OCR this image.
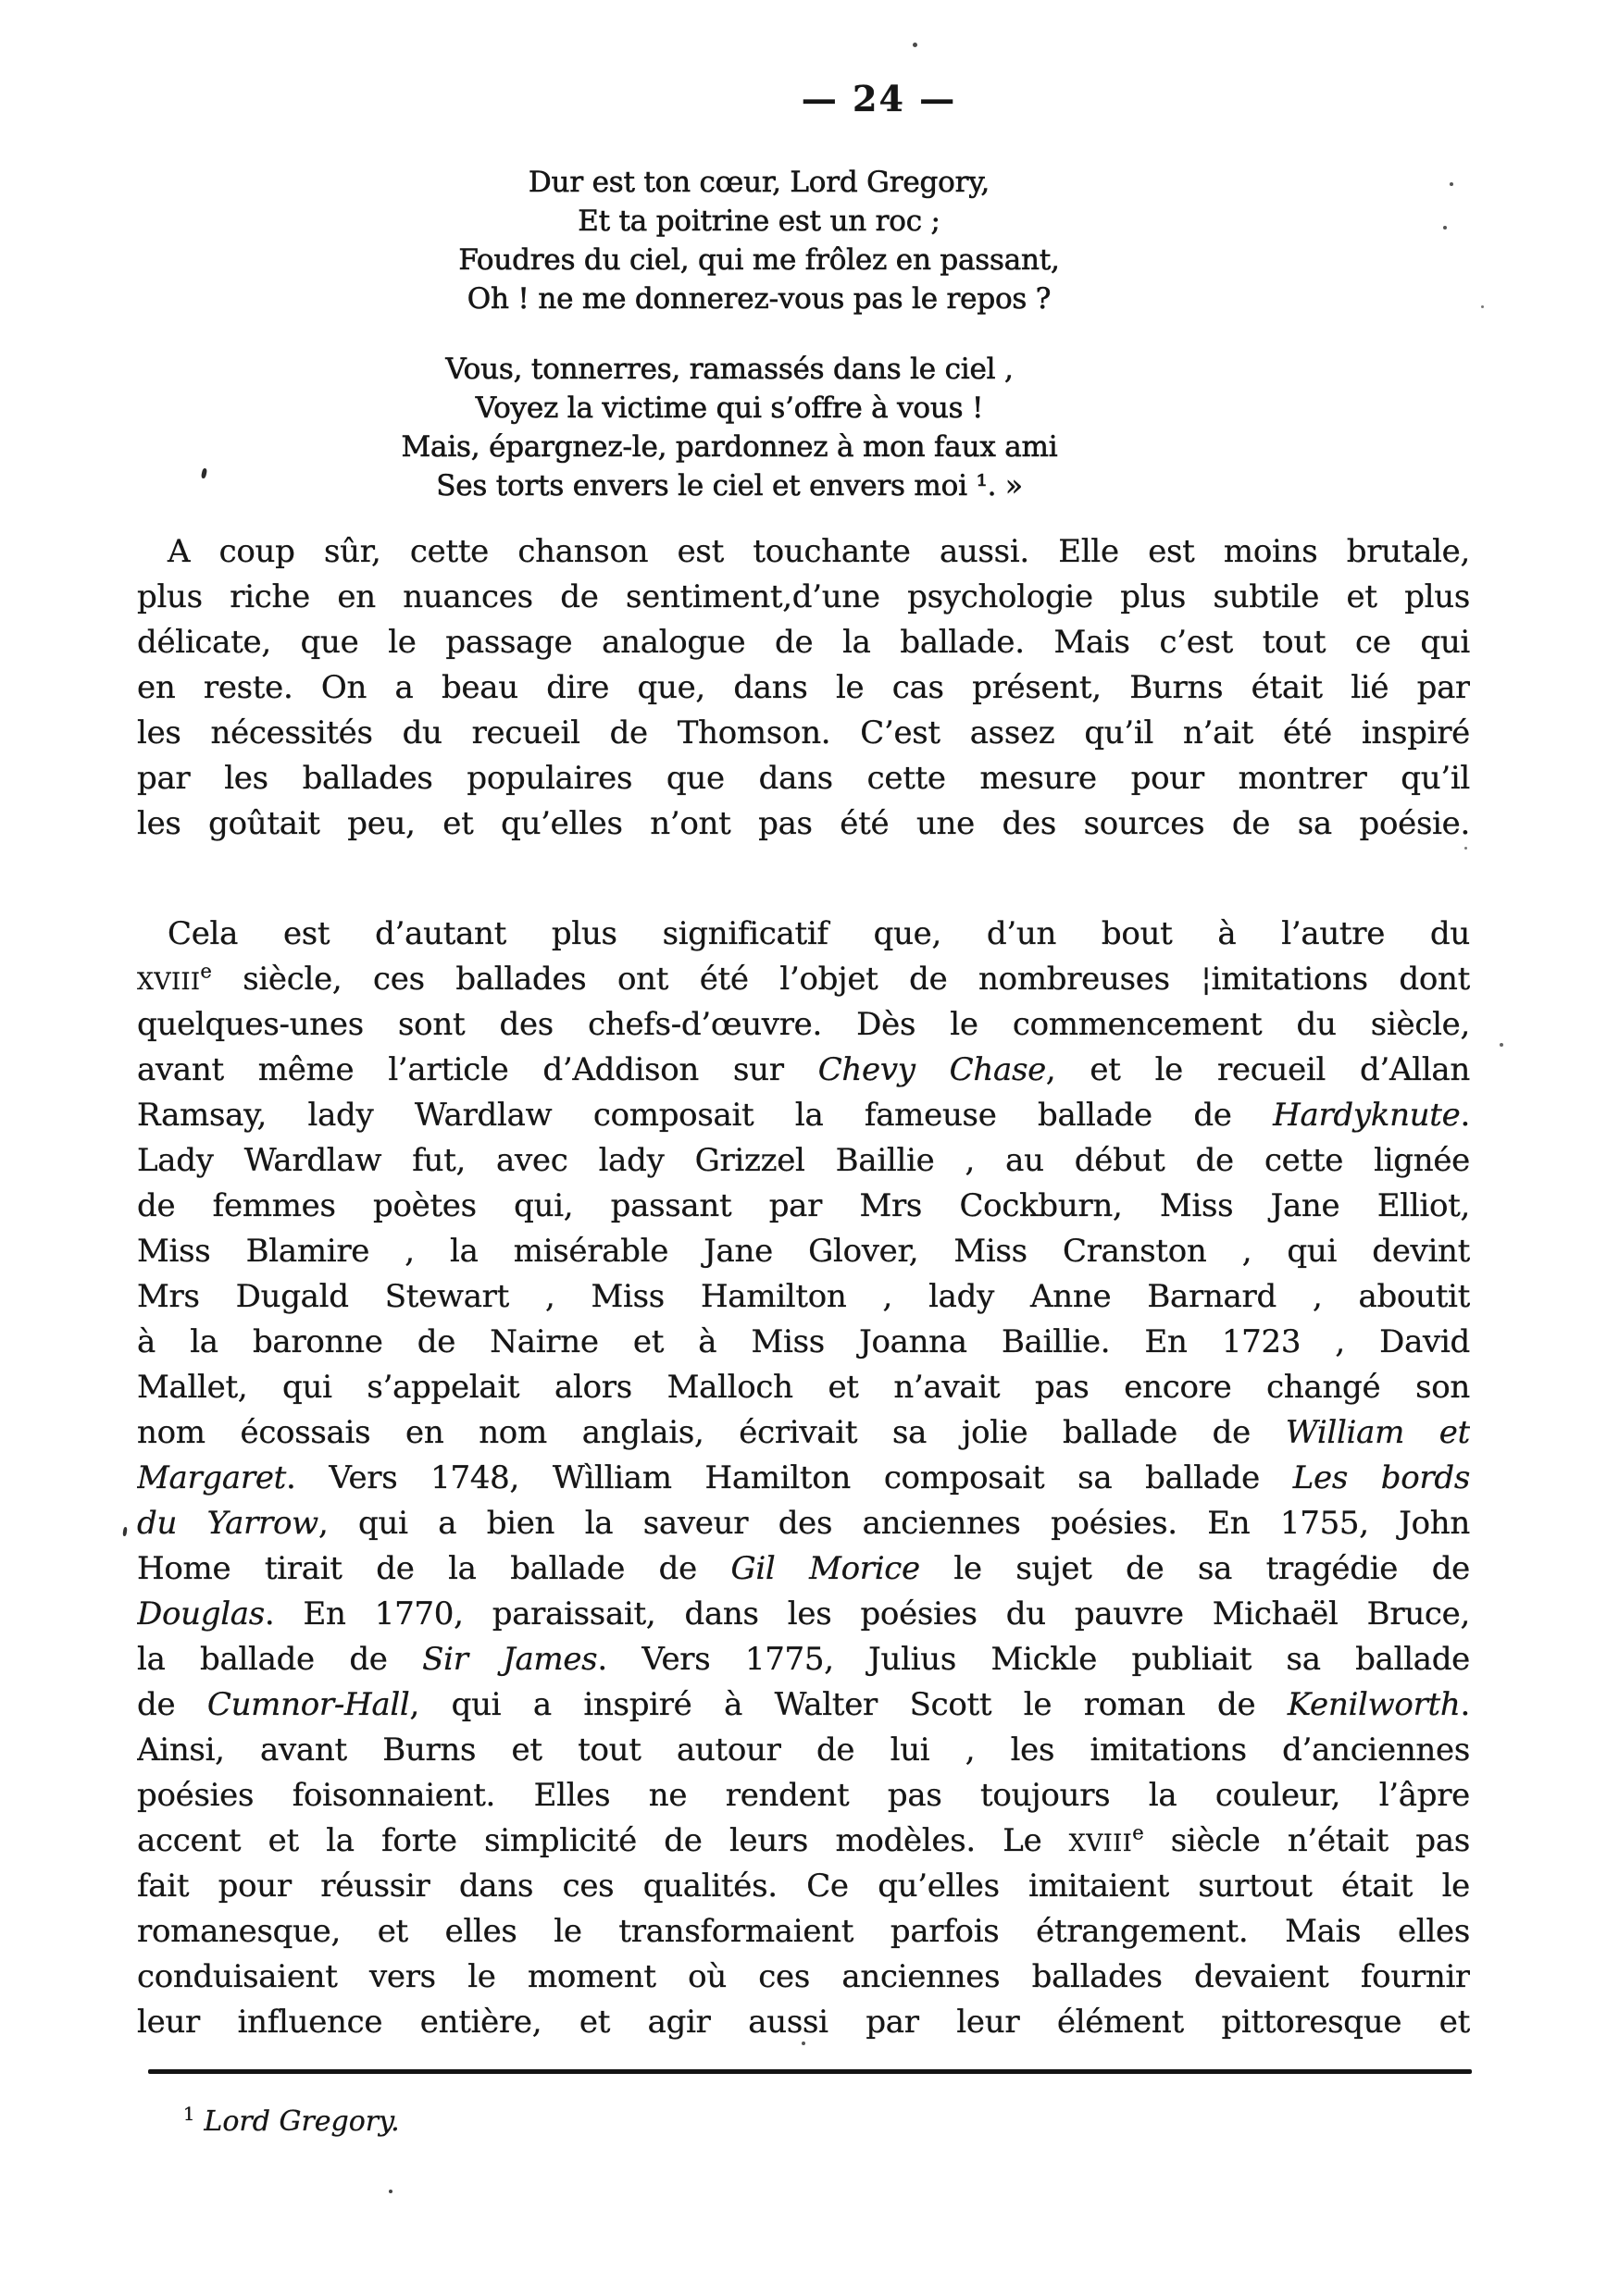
— 24 —
Dur est ton cœur, Lord Gregory,
Et ta poitrine est un roc ;
Foudres du ciel, qui me frôlez en passant,
Oh ! ne me donnerez-vous pas le repos ?
Vous, tonnerres, ramassés dans le ciel ,
Voyez la victime qui s’offre à vous !
Mais, épargnez-le, pardonnez à mon faux ami
Ses torts envers le ciel et envers moi ¹. »
A coup sûr, cette chanson est touchante aussi. Elle est moins brutale,
plus riche en nuances de sentiment,d’une psychologie plus subtile et plus
délicate, que le passage analogue de la ballade. Mais c’est tout ce qui
en reste. On a beau dire que, dans le cas présent, Burns était lié par
les nécessités du recueil de Thomson. C’est assez qu’il n’ait été inspiré
par les ballades populaires que dans cette mesure pour montrer qu’il
les goûtait peu, et qu’elles n’ont pas été une des sources de sa poésie.
Cela est d’autant plus significatif que, d’un bout à l’autre du
XVIIIe siècle, ces ballades ont été l’objet de nombreuses ¦imitations dont
quelques-unes sont des chefs-d’œuvre. Dès le commencement du siècle,
avant même l’article d’Addison sur Chevy Chase, et le recueil d’Allan
Ramsay, lady Wardlaw composait la fameuse ballade de Hardyknute.
Lady Wardlaw fut, avec lady Grizzel Baillie , au début de cette lignée
de femmes poètes qui, passant par Mrs Cockburn, Miss Jane Elliot,
Miss Blamire , la misérable Jane Glover, Miss Cranston , qui devint
Mrs Dugald Stewart , Miss Hamilton , lady Anne Barnard , aboutit
à la baronne de Nairne et à Miss Joanna Baillie. En 1723 , David
Mallet, qui s’appelait alors Malloch et n’avait pas encore changé son
nom écossais en nom anglais, écrivait sa jolie ballade de William et
Margaret. Vers 1748, Wìlliam Hamilton composait sa ballade Les bords
du Yarrow, qui a bien la saveur des anciennes poésies. En 1755, John
Home tirait de la ballade de Gil Morice le sujet de sa tragédie de
Douglas. En 1770, paraissait, dans les poésies du pauvre Michaël Bruce,
la ballade de Sir James. Vers 1775, Julius Mickle publiait sa ballade
de Cumnor-Hall, qui a inspiré à Walter Scott le roman de Kenilworth.
Ainsi, avant Burns et tout autour de lui , les imitations d’anciennes
poésies foisonnaient. Elles ne rendent pas toujours la couleur, l’âpre
accent et la forte simplicité de leurs modèles. Le XVIIIe siècle n’était pas
fait pour réussir dans ces qualités. Ce qu’elles imitaient surtout était le
romanesque, et elles le transformaient parfois étrangement. Mais elles
conduisaient vers le moment où ces anciennes ballades devaient fournir
leur influence entière, et agir aussi par leur élément pittoresque et
$^1$ Lord Gregory.
